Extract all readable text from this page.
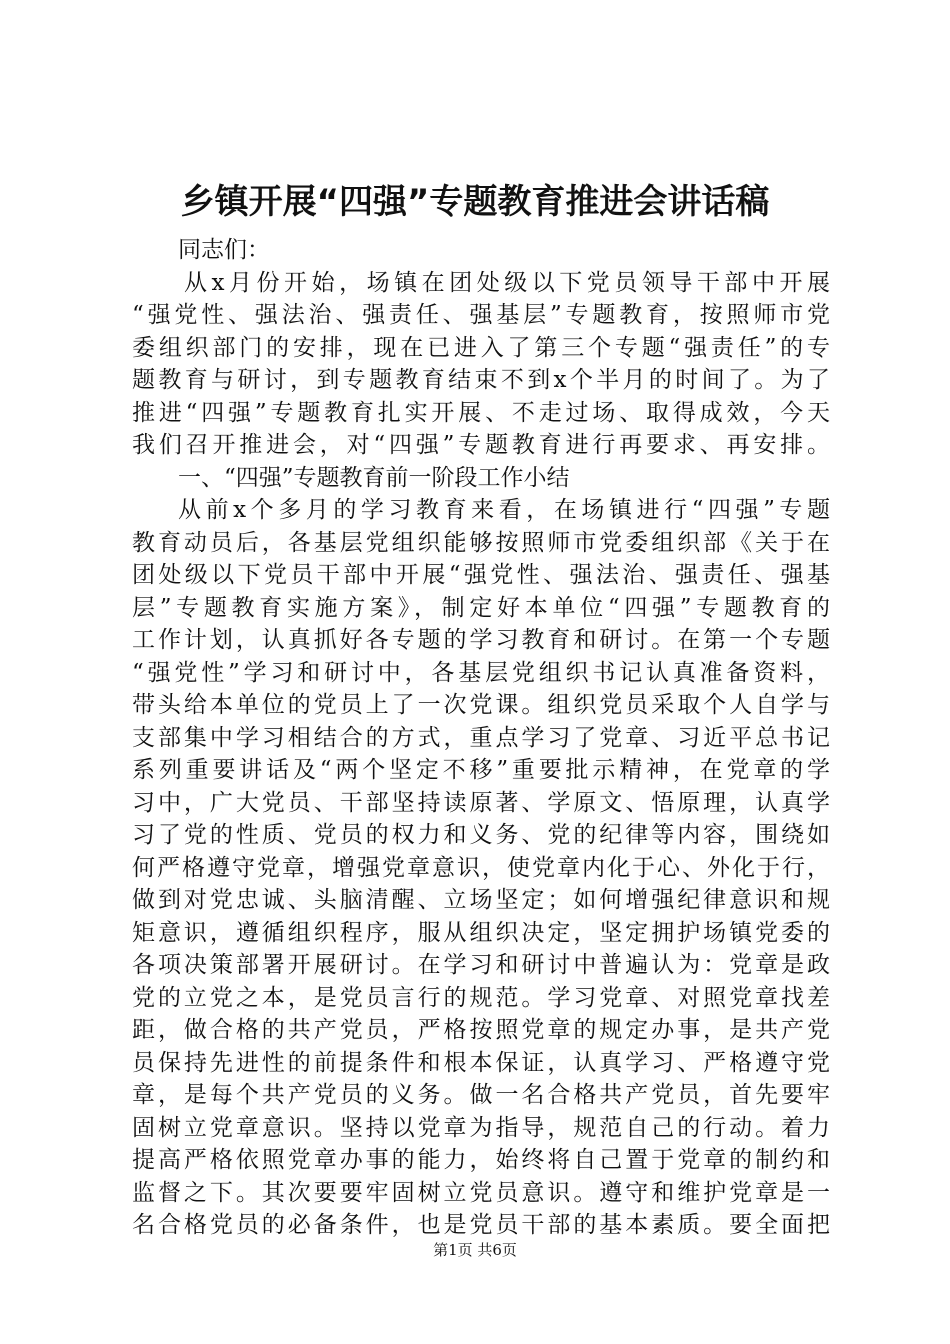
乡镇开展“四强”专题教育推进会讲话稿
同志们：
从x月份开始，场镇在团处级以下党员领导干部中开展
“强党性、强法治、强责任、强基层”专题教育，按照师市党
委组织部门的安排，现在已进入了第三个专题“强责任”的专
题教育与研讨，到专题教育结束不到x个半月的时间了。为了
推进“四强”专题教育扎实开展、不走过场、取得成效，今天
我们召开推进会，对“四强”专题教育进行再要求、再安排。
一、“四强”专题教育前一阶段工作小结
从前x个多月的学习教育来看，在场镇进行“四强”专题
教育动员后，各基层党组织能够按照师市党委组织部《关于在
团处级以下党员干部中开展“强党性、强法治、强责任、强基
层”专题教育实施方案》，制定好本单位“四强”专题教育的
工作计划，认真抓好各专题的学习教育和研讨。在第一个专题
“强党性”学习和研讨中，各基层党组织书记认真准备资料，
带头给本单位的党员上了一次党课。组织党员采取个人自学与
支部集中学习相结合的方式，重点学习了党章、习近平总书记
系列重要讲话及“两个坚定不移”重要批示精神，在党章的学
习中，广大党员、干部坚持读原著、学原文、悟原理，认真学
习了党的性质、党员的权力和义务、党的纪律等内容，围绕如
何严格遵守党章，增强党章意识，使党章内化于心、外化于行，
做到对党忠诚、头脑清醒、立场坚定；如何增强纪律意识和规
矩意识，遵循组织程序，服从组织决定，坚定拥护场镇党委的
各项决策部署开展研讨。在学习和研讨中普遍认为：党章是政
党的立党之本，是党员言行的规范。学习党章、对照党章找差
距，做合格的共产党员，严格按照党章的规定办事，是共产党
员保持先进性的前提条件和根本保证，认真学习、严格遵守党
章，是每个共产党员的义务。做一名合格共产党员，首先要牢
固树立党章意识。坚持以党章为指导，规范自己的行动。着力
提高严格依照党章办事的能力，始终将自己置于党章的制约和
监督之下。其次要要牢固树立党员意识。遵守和维护党章是一
名合格党员的必备条件，也是党员干部的基本素质。要全面把
第1页 共6页
